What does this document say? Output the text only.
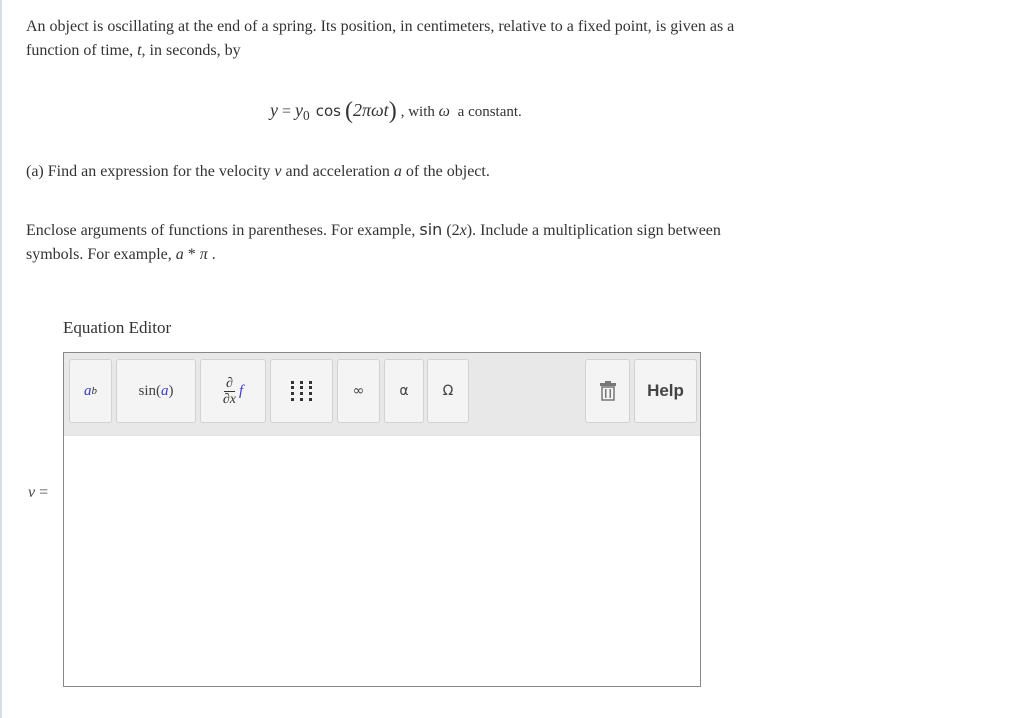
An object is oscillating at the end of a spring. Its position, in centimeters, relative to a fixed point, is given as a
function of time, t, in seconds, by
$y = y_0$ cos (2πωt) , with ω a constant.
(a) Find an expression for the velocity v and acceleration a of the object.
Enclose arguments of functions in parentheses. For example, sin (2x). Include a multiplication sign between
symbols. For example, a * π .
Equation Editor
v =
a b	sin ( a )	$\frac{\partial}{\partial x}$ f	∞	α Ω	Help
